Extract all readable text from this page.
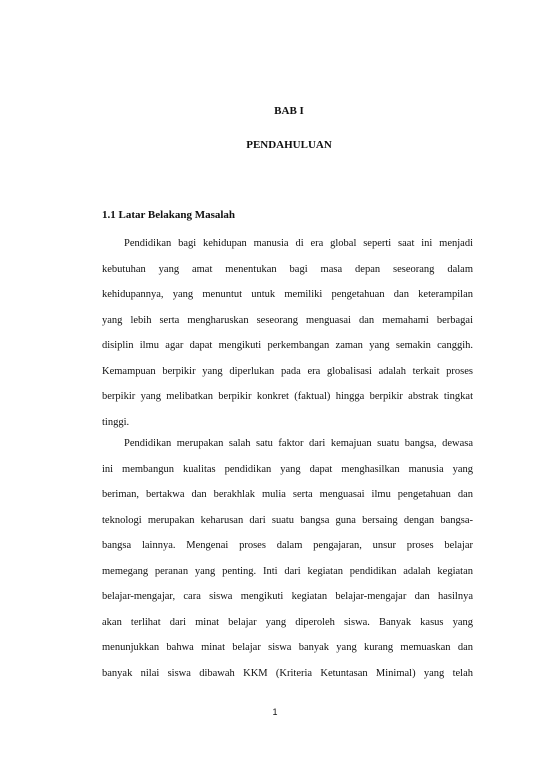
BAB I
PENDAHULUAN
1.1 Latar Belakang Masalah
Pendidikan bagi kehidupan manusia di era global seperti saat ini menjadi
kebutuhan yang amat menentukan bagi masa depan seseorang dalam
kehidupannya, yang menuntut untuk memiliki pengetahuan dan keterampilan
yang lebih serta mengharuskan seseorang menguasai dan memahami berbagai
disiplin ilmu agar dapat mengikuti perkembangan zaman yang semakin canggih.
Kemampuan berpikir yang diperlukan pada era globalisasi adalah terkait proses
berpikir yang melibatkan berpikir konkret (faktual) hingga berpikir abstrak tingkat
tinggi.
Pendidikan merupakan salah satu faktor dari kemajuan suatu bangsa, dewasa
ini membangun kualitas pendidikan yang dapat menghasilkan manusia yang
beriman, bertakwa dan berakhlak mulia serta menguasai ilmu pengetahuan dan
teknologi merupakan keharusan dari suatu bangsa guna bersaing dengan bangsa-
bangsa lainnya. Mengenai proses dalam pengajaran, unsur proses belajar
memegang peranan yang penting. Inti dari kegiatan pendidikan adalah kegiatan
belajar-mengajar, cara siswa mengikuti kegiatan belajar-mengajar dan hasilnya
akan terlihat dari minat belajar yang diperoleh siswa. Banyak kasus yang
menunjukkan bahwa minat belajar siswa banyak yang kurang memuaskan dan
banyak nilai siswa dibawah KKM (Kriteria Ketuntasan Minimal) yang telah
1
